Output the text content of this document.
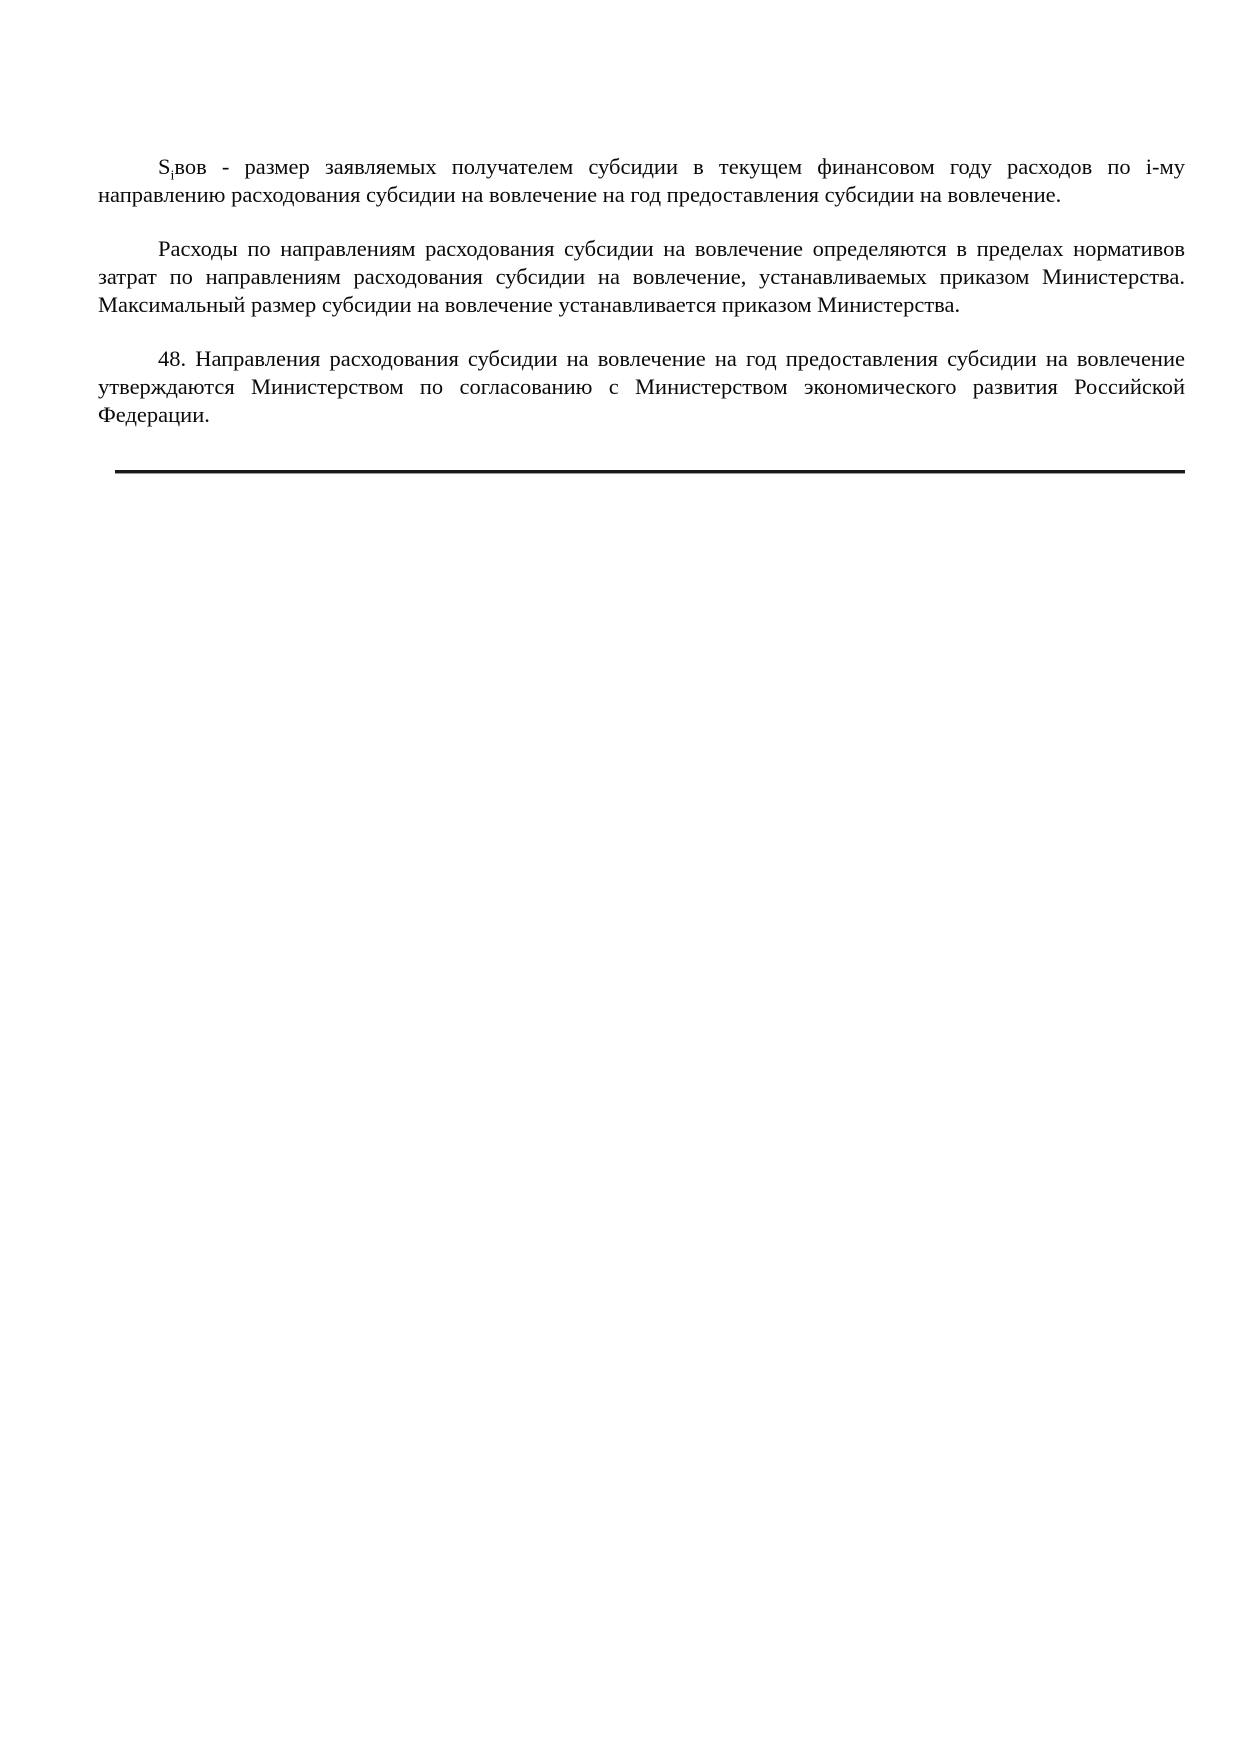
$S_iвов$ - размер заявляемых получателем субсидии в текущем финансовом году расходов по i-му направлению расходования субсидии на вовлечение на год предоставления субсидии на вовлечение.

Расходы по направлениям расходования субсидии на вовлечение определяются в пределах нормативов затрат по направлениям расходования субсидии на вовлечение, устанавливаемых приказом Министерства. Максимальный размер субсидии на вовлечение устанавливается приказом Министерства.

48. Направления расходования субсидии на вовлечение на год предоставления субсидии на вовлечение утверждаются Министерством по согласованию с Министерством экономического развития Российской Федерации.
